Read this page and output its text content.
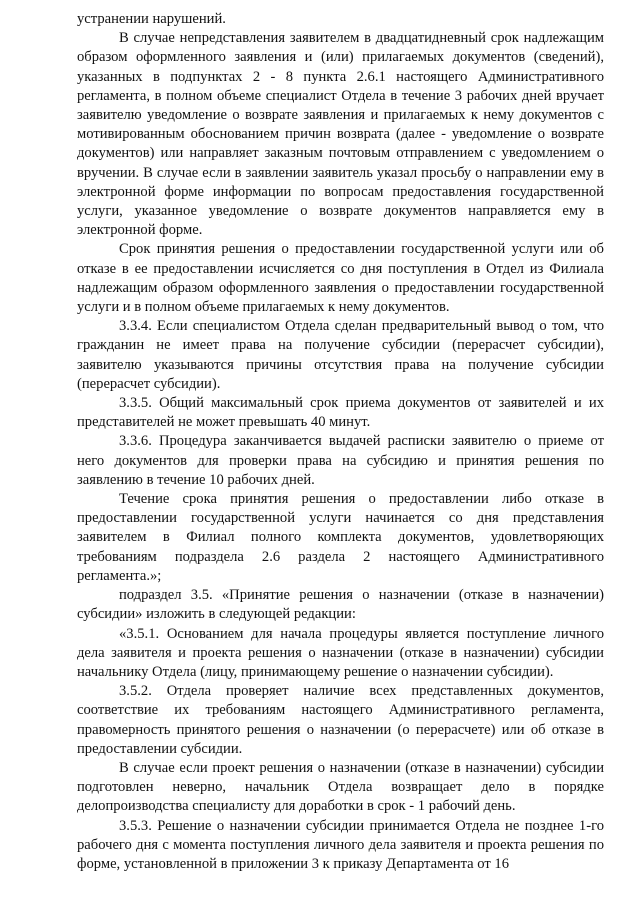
устранении нарушений.

В случае непредставления заявителем в двадцатидневный срок надлежащим образом оформленного заявления и (или) прилагаемых документов (сведений), указанных в подпунктах 2 - 8 пункта 2.6.1 настоящего Административного регламента, в полном объеме специалист Отдела в течение 3 рабочих дней вручает заявителю уведомление о возврате заявления и прилагаемых к нему документов с мотивированным обоснованием причин возврата (далее - уведомление о возврате документов) или направляет заказным почтовым отправлением с уведомлением о вручении. В случае если в заявлении заявитель указал просьбу о направлении ему в электронной форме информации по вопросам предоставления государственной услуги, указанное уведомление о возврате документов направляется ему в электронной форме.

Срок принятия решения о предоставлении государственной услуги или об отказе в ее предоставлении исчисляется со дня поступления в Отдел из Филиала надлежащим образом оформленного заявления о предоставлении государственной услуги и в полном объеме прилагаемых к нему документов.

3.3.4. Если специалистом Отдела сделан предварительный вывод о том, что гражданин не имеет права на получение субсидии (перерасчет субсидии), заявителю указываются причины отсутствия права на получение субсидии (перерасчет субсидии).

3.3.5. Общий максимальный срок приема документов от заявителей и их представителей не может превышать 40 минут.

3.3.6. Процедура заканчивается выдачей расписки заявителю о приеме от него документов для проверки права на субсидию и принятия решения по заявлению в течение 10 рабочих дней.

Течение срока принятия решения о предоставлении либо отказе в предоставлении государственной услуги начинается со дня представления заявителем в Филиал полного комплекта документов, удовлетворяющих требованиям подраздела 2.6 раздела 2 настоящего Административного регламента.»;

подраздел 3.5. «Принятие решения о назначении (отказе в назначении) субсидии» изложить в следующей редакции:

«3.5.1. Основанием для начала процедуры является поступление личного дела заявителя и проекта решения о назначении (отказе в назначении) субсидии начальнику Отдела (лицу, принимающему решение о назначении субсидии).

3.5.2. Отдела проверяет наличие всех представленных документов, соответствие их требованиям настоящего Административного регламента, правомерность принятого решения о назначении (о перерасчете) или об отказе в предоставлении субсидии.

В случае если проект решения о назначении (отказе в назначении) субсидии подготовлен неверно, начальник Отдела возвращает дело в порядке делопроизводства специалисту для доработки в срок - 1 рабочий день.

3.5.3. Решение о назначении субсидии принимается Отдела не позднее 1-го рабочего дня с момента поступления личного дела заявителя и проекта решения по форме, установленной в приложении 3 к приказу Департамента от 16
